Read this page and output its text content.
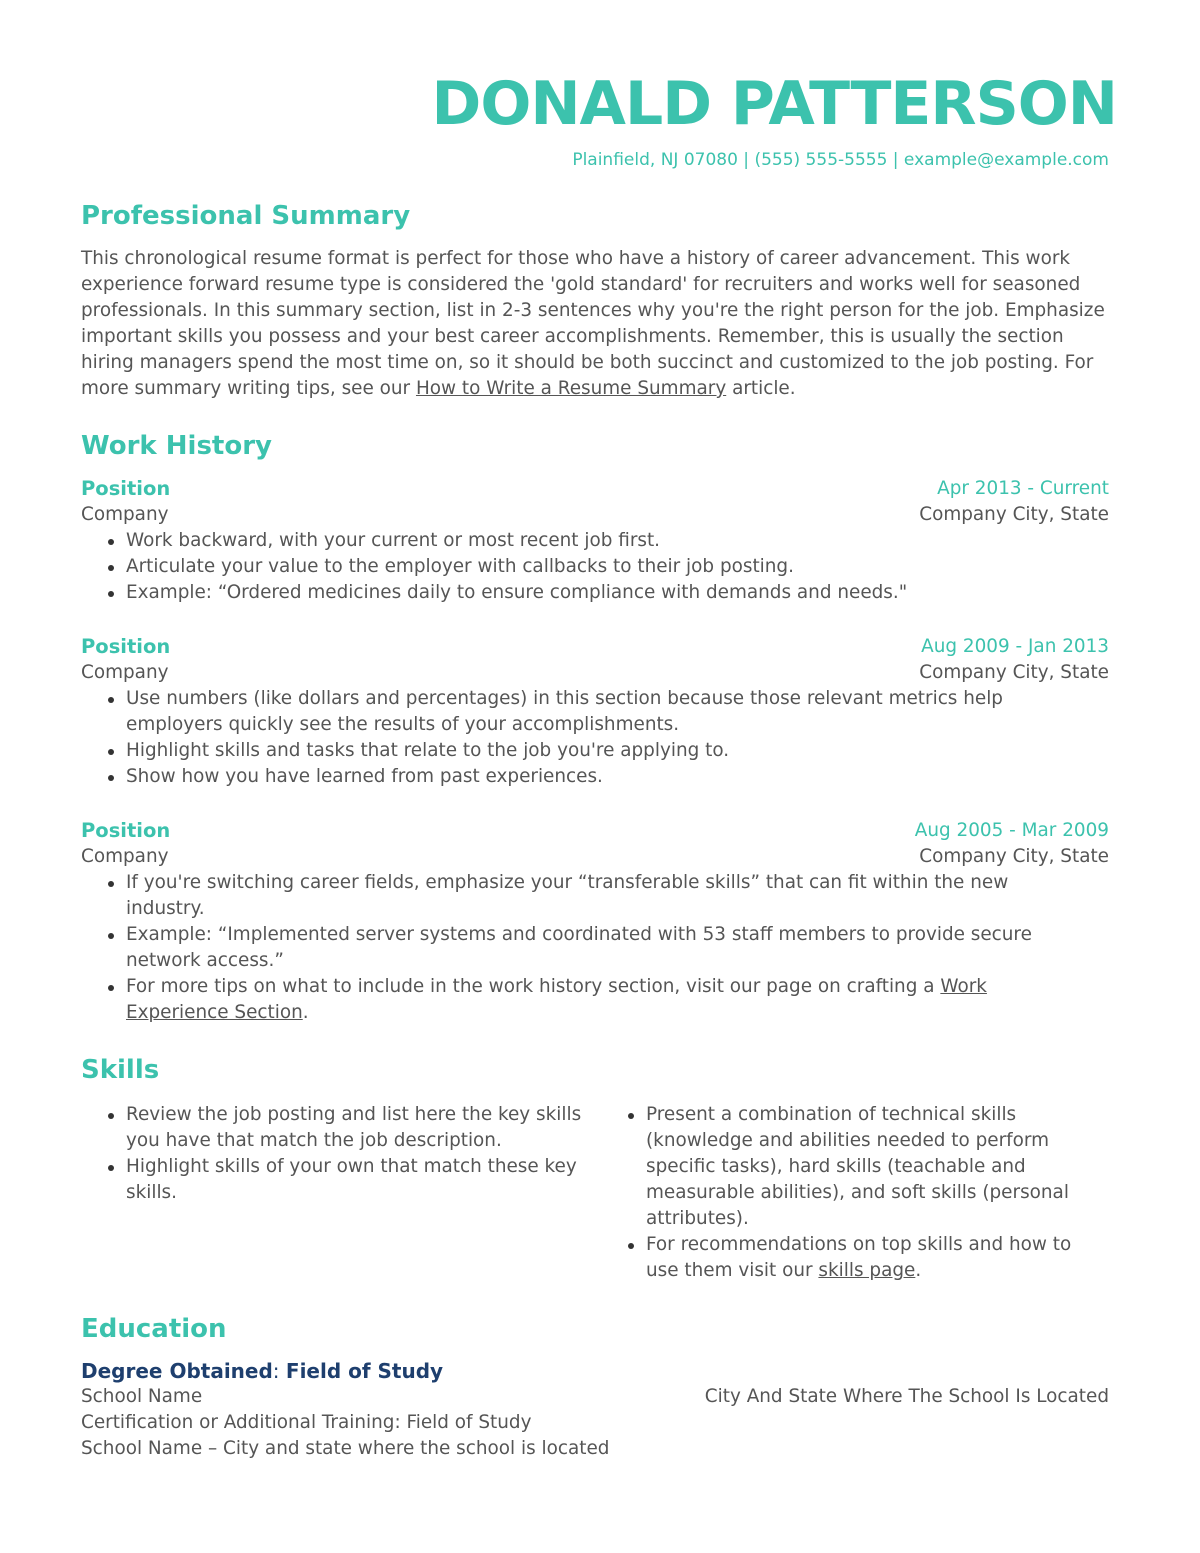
DONALD PATTERSON
Plainfield, NJ 07080 | (555) 555-5555 | example@example.com
Professional Summary

This chronological resume format is perfect for those who have a history of career advancement. This work experience forward resume type is considered the 'gold standard' for recruiters and works well for seasoned professionals. In this summary section, list in 2-3 sentences why you're the right person for the job. Emphasize important skills you possess and your best career accomplishments. Remember, this is usually the section hiring managers spend the most time on, so it should be both succinct and customized to the job posting. For more summary writing tips, see our How to Write a Resume Summary article.

Work History
Position	Apr 2013 - Current
Company	Company City, State
Work backward, with your current or most recent job first.
Articulate your value to the employer with callbacks to their job posting.
Example: “Ordered medicines daily to ensure compliance with demands and needs."
Position	Aug 2009 - Jan 2013
Company	Company City, State
Use numbers (like dollars and percentages) in this section because those relevant metrics help employers quickly see the results of your accomplishments.
Highlight skills and tasks that relate to the job you're applying to.
Show how you have learned from past experiences.
Position	Aug 2005 - Mar 2009
Company	Company City, State
If you're switching career fields, emphasize your “transferable skills” that can fit within the new industry.
Example: “Implemented server systems and coordinated with 53 staff members to provide secure network access.”
For more tips on what to include in the work history section, visit our page on crafting a Work Experience Section.
Skills
Review the job posting and list here the key skills you have that match the job description.
Highlight skills of your own that match these key skills.
Present a combination of technical skills (knowledge and abilities needed to perform specific tasks), hard skills (teachable and measurable abilities), and soft skills (personal attributes).
For recommendations on top skills and how to use them visit our skills page.
Education
Degree Obtained: Field of Study
School Name	City And State Where The School Is Located
Certification or Additional Training: Field of Study
School Name – City and state where the school is located
